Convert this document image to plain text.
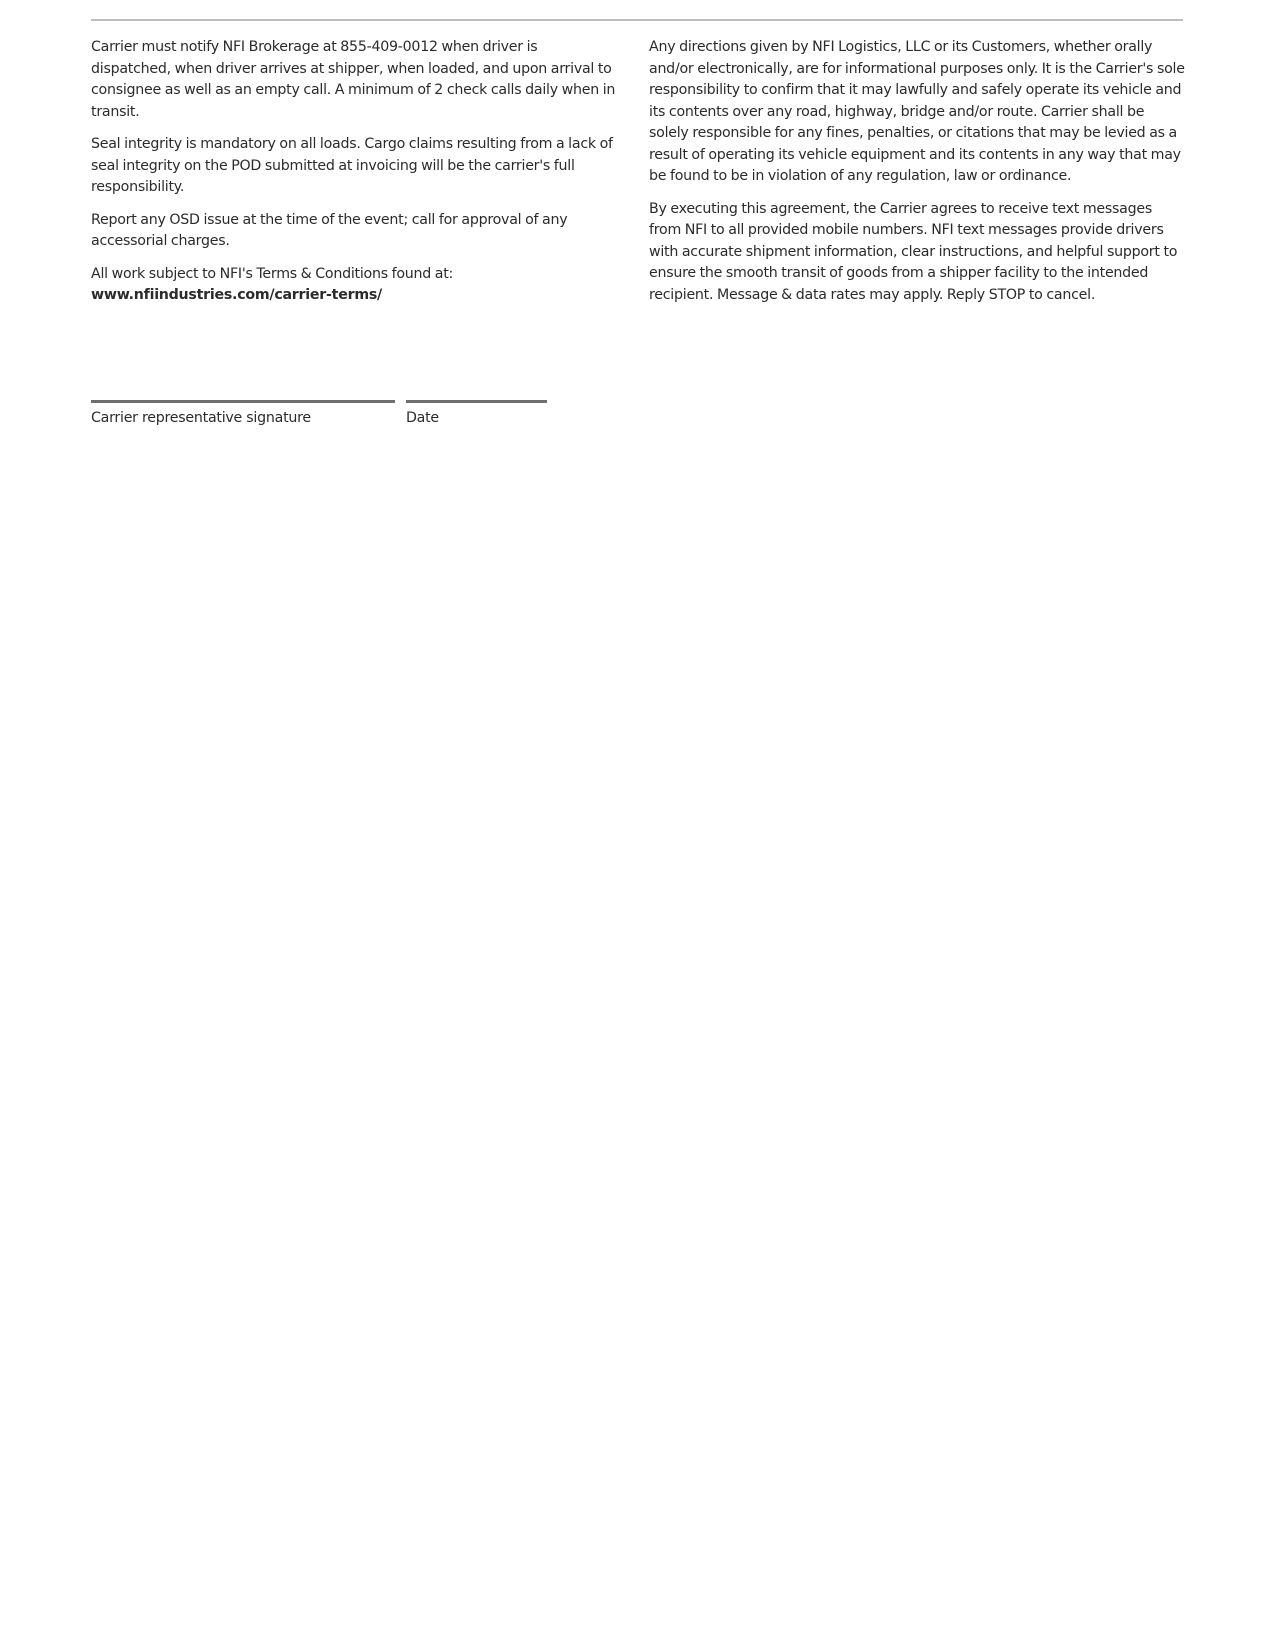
Carrier must notify NFI Brokerage at 855-409-0012 when driver is dispatched, when driver arrives at shipper, when loaded, and upon arrival to consignee as well as an empty call. A minimum of 2 check calls daily when in transit.

Seal integrity is mandatory on all loads. Cargo claims resulting from a lack of seal integrity on the POD submitted at invoicing will be the carrier's full responsibility.

Report any OSD issue at the time of the event; call for approval of any accessorial charges.

All work subject to NFI's Terms & Conditions found at:
www.nfiindustries.com/carrier-terms/

Any directions given by NFI Logistics, LLC or its Customers, whether orally and/or electronically, are for informational purposes only. It is the Carrier's sole responsibility to confirm that it may lawfully and safely operate its vehicle and its contents over any road, highway, bridge and/or route. Carrier shall be solely responsible for any fines, penalties, or citations that may be levied as a result of operating its vehicle equipment and its contents in any way that may be found to be in violation of any regulation, law or ordinance.

By executing this agreement, the Carrier agrees to receive text messages from NFI to all provided mobile numbers. NFI text messages provide drivers with accurate shipment information, clear instructions, and helpful support to ensure the smooth transit of goods from a shipper facility to the intended recipient. Message & data rates may apply. Reply STOP to cancel.

Carrier representative signature	Date
